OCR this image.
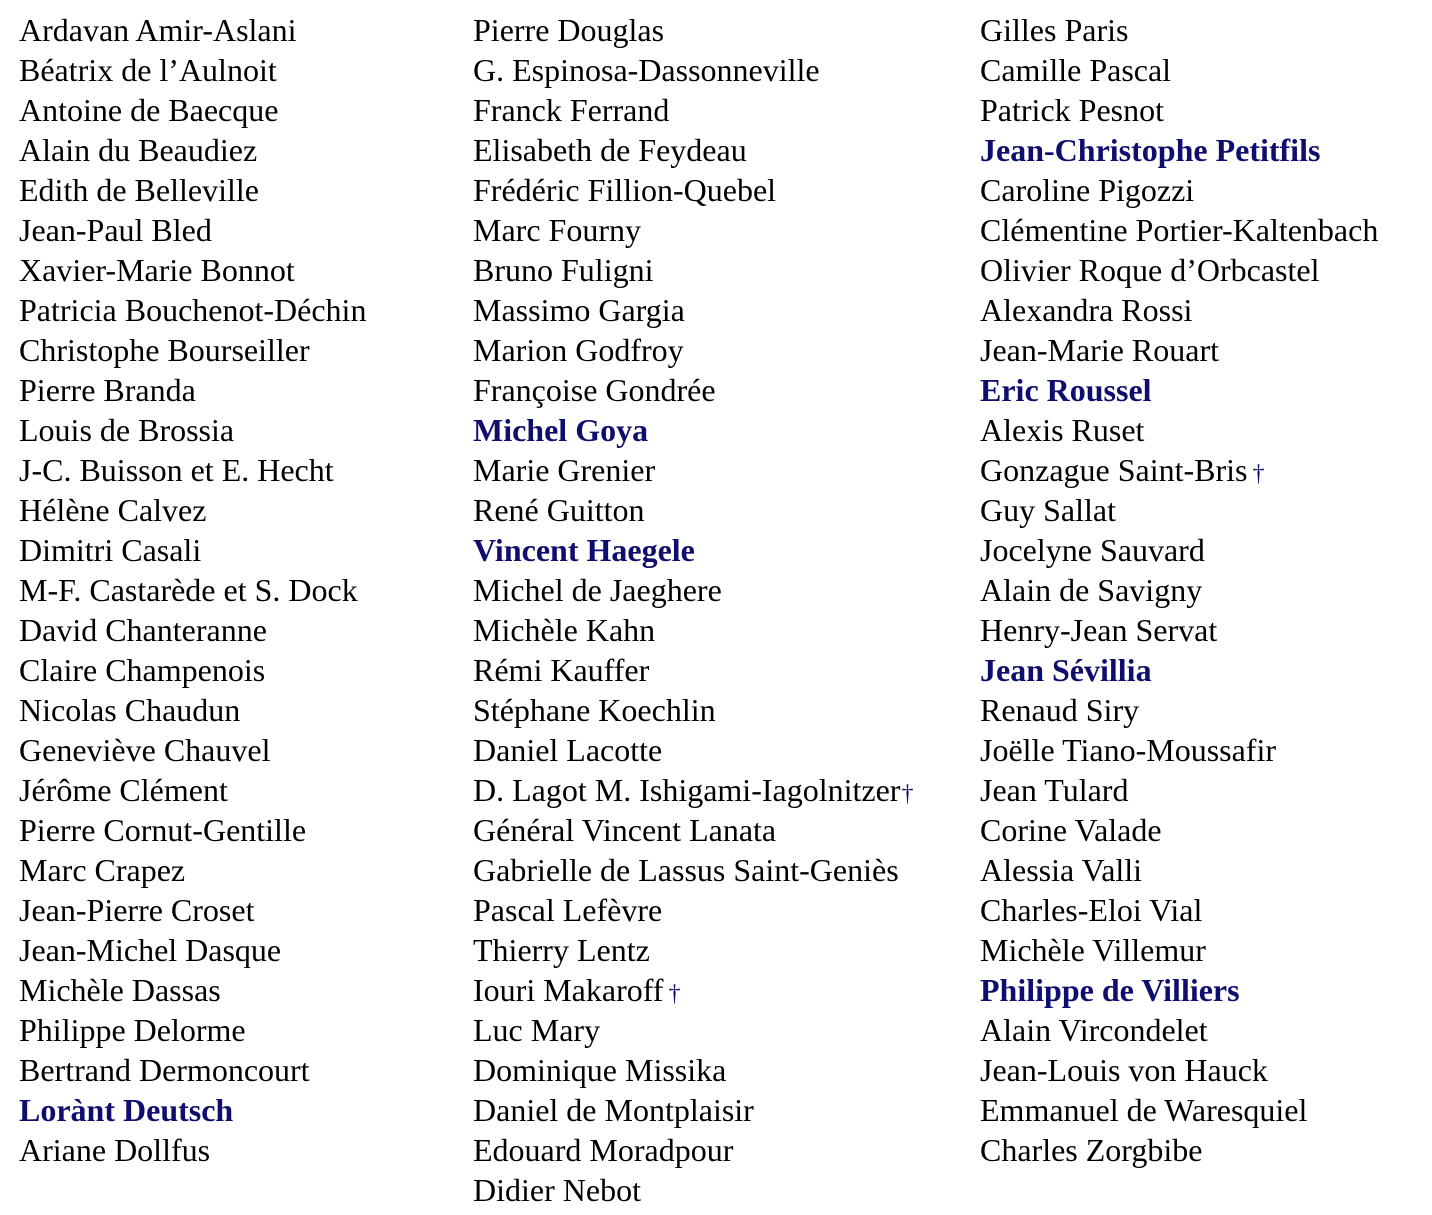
Ardavan Amir-Aslani
Béatrix de l’Aulnoit
Antoine de Baecque
Alain du Beaudiez
Edith de Belleville
Jean-Paul Bled
Xavier-Marie Bonnot
Patricia Bouchenot-Déchin
Christophe Bourseiller
Pierre Branda
Louis de Brossia
J-C. Buisson et E. Hecht
Hélène Calvez
Dimitri Casali
M-F. Castarède et S. Dock
David Chanteranne
Claire Champenois
Nicolas Chaudun
Geneviève Chauvel
Jérôme Clément
Pierre Cornut-Gentille
Marc Crapez
Jean-Pierre Croset
Jean-Michel Dasque
Michèle Dassas
Philippe Delorme
Bertrand Dermoncourt
Lorànt Deutsch
Ariane Dollfus
Pierre Douglas
G. Espinosa-Dassonneville
Franck Ferrand
Elisabeth de Feydeau
Frédéric Fillion-Quebel
Marc Fourny
Bruno Fuligni
Massimo Gargia
Marion Godfroy
Françoise Gondrée
Michel Goya
Marie Grenier
René Guitton
Vincent Haegele
Michel de Jaeghere
Michèle Kahn
Rémi Kauffer
Stéphane Koechlin
Daniel Lacotte
D. Lagot M. Ishigami-Iagolnitzer†
Général Vincent Lanata
Gabrielle de Lassus Saint-Geniès
Pascal Lefèvre
Thierry Lentz
Iouri Makaroff †
Luc Mary
Dominique Missika
Daniel de Montplaisir
Edouard Moradpour
Didier Nebot
Gilles Paris
Camille Pascal
Patrick Pesnot
Jean-Christophe Petitfils
Caroline Pigozzi
Clémentine Portier-Kaltenbach
Olivier Roque d’Orbcastel
Alexandra Rossi
Jean-Marie Rouart
Eric Roussel
Alexis Ruset
Gonzague Saint-Bris †
Guy Sallat
Jocelyne Sauvard
Alain de Savigny
Henry-Jean Servat
Jean Sévillia
Renaud Siry
Joëlle Tiano-Moussafir
Jean Tulard
Corine Valade
Alessia Valli
Charles-Eloi Vial
Michèle Villemur
Philippe de Villiers
Alain Vircondelet
Jean-Louis von Hauck
Emmanuel de Waresquiel
Charles Zorgbibe
